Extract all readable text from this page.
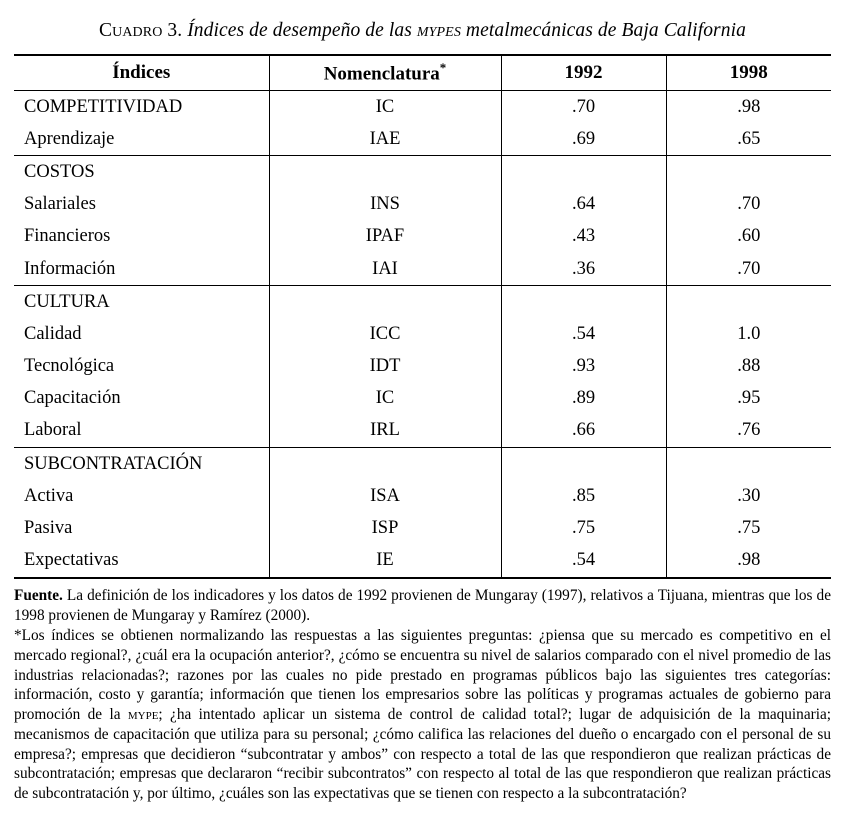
Cuadro 3. Índices de desempeño de las mypes metalmecánicas de Baja California
Índices	Nomenclatura*	1992	1998
COMPETITIVIDAD	IC	.70	.98
Aprendizaje	IAE	.69	.65
COSTOS			
Salariales	INS	.64	.70
Financieros	IPAF	.43	.60
Información	IAI	.36	.70
CULTURA			
Calidad	ICC	.54	1.0
Tecnológica	IDT	.93	.88
Capacitación	IC	.89	.95
Laboral	IRL	.66	.76
SUBCONTRATACIÓN			
Activa	ISA	.85	.30
Pasiva	ISP	.75	.75
Expectativas	IE	.54	.98

Fuente. La definición de los indicadores y los datos de 1992 provienen de Mungaray (1997), relativos a Tijuana, mientras que los de 1998 provienen de Mungaray y Ramírez (2000).

*Los índices se obtienen normalizando las respuestas a las siguientes preguntas: ¿piensa que su mercado es competitivo en el mercado regional?, ¿cuál era la ocupación anterior?, ¿cómo se encuentra su nivel de salarios comparado con el nivel promedio de las industrias relacionadas?; razones por las cuales no pide prestado en programas públicos bajo las siguientes tres categorías: información, costo y garantía; información que tienen los empresarios sobre las políticas y programas actuales de gobierno para promoción de la mype; ¿ha intentado aplicar un sistema de control de calidad total?; lugar de adquisición de la maquinaria; mecanismos de capacitación que utiliza para su personal; ¿cómo califica las relaciones del dueño o encargado con el personal de su empresa?; empresas que decidieron “subcontratar y ambos” con respecto a total de las que respondieron que realizan prácticas de subcontratación; empresas que declararon “recibir subcontratos” con respecto al total de las que respondieron que realizan prácticas de subcontratación y, por último, ¿cuáles son las expectativas que se tienen con respecto a la subcontratación?
